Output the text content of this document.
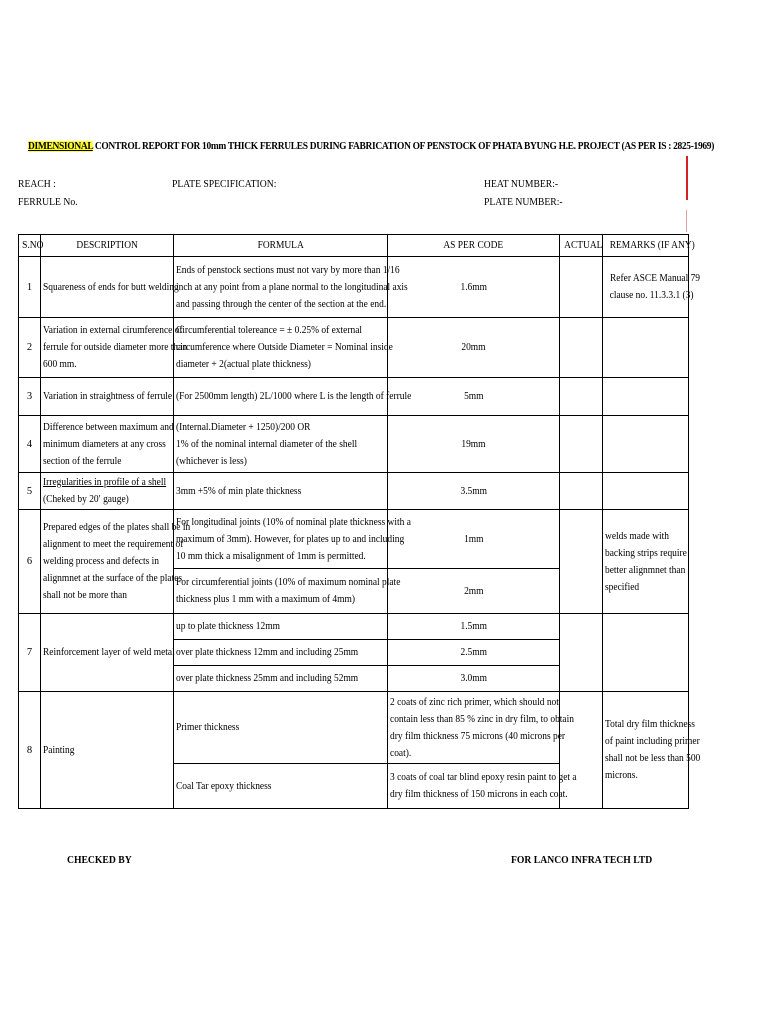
DIMENSIONAL CONTROL REPORT FOR 10mm THICK FERRULES DURING FABRICATION OF PENSTOCK OF PHATA BYUNG H.E. PROJECT (AS PER IS : 2825-1969)
REACH :
FERRULE No.
PLATE SPECIFICATION:	HEAT NUMBER:-
PLATE NUMBER:-
S.NO	DESCRIPTION	FORMULA	AS PER CODE	ACTUAL	REMARKS (IF ANY)
1	Squareness of ends for butt welding	Ends of penstock sections must not vary by more than 1/16
inch at any point from a plane normal to the longitudinal axis
and passing through the center of the section at the end.	1.6mm		Refer ASCE Manual 79
clause no. 11.3.3.1 (3)
2	Variation in external cirumference of
ferrule for outside diameter more than
600 mm.	Circumferential tolereance = ± 0.25% of external
circumference where Outside Diameter = Nominal inside
diameter + 2(actual plate thickness)	20mm		
3	Variation in straightness of ferrule	(For 2500mm length) 2L/1000 where L is the length of ferrule	5mm		
4	Difference between maximum and
minimum diameters at any cross
section of the ferrule	(Internal.Diameter + 1250)/200 OR
1% of the nominal internal diameter of the shell
(whichever is less)	19mm		
5	Irregularities in profile of a shell
(Cheked by 20′ gauge)	3mm +5% of min plate thickness	3.5mm		
6	Prepared edges of the plates shall be in
alignment to meet the requirement of
welding process and defects in
alignmnet at the surface of the plates
shall not be more than	For longitudinal joints (10% of nominal plate thickness with a
maximum of 3mm). However, for plates up to and including
10 mm thick a misalignment of 1mm is permitted.	1mm		welds made with
backing strips require
better alignmnet than
specified
		For circumferential joints (10% of maximum nominal plate
thickness plus 1 mm with a maximum of 4mm)	2mm		
7	Reinforcement layer of weld metal	up to plate thickness 12mm	1.5mm		
		over plate thickness 12mm and including 25mm	2.5mm		
		over plate thickness 25mm and including 52mm	3.0mm		
8	Painting	Primer thickness	2 coats of zinc rich primer, which should not
contain less than 85 % zinc in dry film, to obtain
dry film thickness 75 microns (40 microns per
coat).		Total dry film thickness
of paint including primer
shall not be less than 500
microns.
		Coal Tar epoxy thickness	3 coats of coal tar blind epoxy resin paint to get a
dry film thickness of 150 microns in each coat.		
CHECKED BY	FOR LANCO INFRA TECH LTD
